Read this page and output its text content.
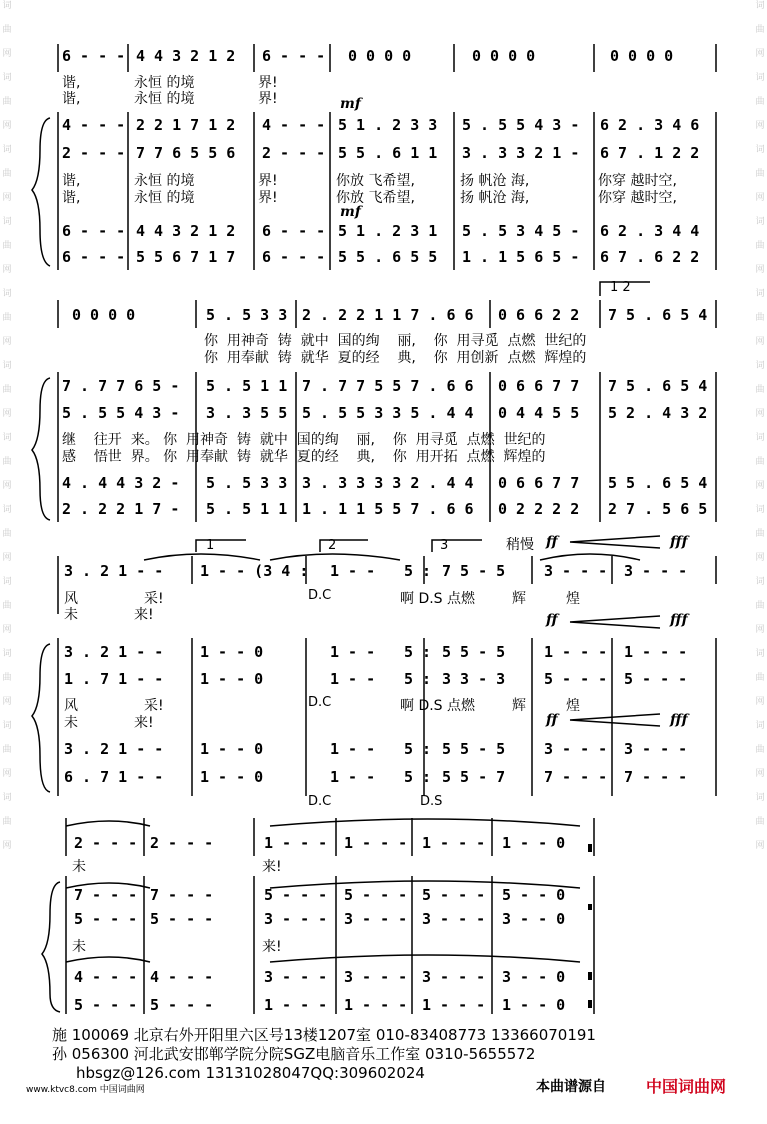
词
曲
网
词
曲
网
词
曲
网
词
曲
网
词
曲
网
词
曲
网
词
曲
网
词
曲
网
词
曲
网
词
曲
网
词
曲
网
词
曲
网
词
曲
网
词
曲
网
词
曲
网
词
曲
网
词
曲
网
词
曲
网
词
曲
网
词
曲
网
词
曲
网
词
曲
网
词
曲
网
词
曲
网
6 - - - 4 4 3 2 1 2 6 - - - 0 0 0 0	0 0 0 0	0 0 0 0
谐,	永恒 的境	界!
谐,	永恒 的境	界!	mf
4 - - - 2 2 1 7 1 2 4 - - - 5 1 . 2 3 3 5 . 5 5 4 3 - 6 2 . 3 4 6
2 - - - 7 7 6 5 5 6 2 - - - 5 5 . 6 1 1 3 . 3 3 2 1 - 6 7 . 1 2 2
谐,	永恒 的境	界!	你放 飞希望,	扬 帆沧 海,	你穿 越时空,
谐,	永恒 的境	界!	你放 飞希望,	扬 帆沧 海,	你穿 越时空,
mf
6 - - - 4 4 3 2 1 2 6 - - - 5 1 . 2 3 1 5 . 5 3 4 5 - 6 2 . 3 4 4
6 - - - 5 5 6 7 1 7 6 - - - 5 5 . 6 5 5 1 . 1 5 6 5 - 6 7 . 6 2 2
1 2
0 0 0 0	5 . 5 3 3 2 . 2 2 1 1 7 . 6 6 0 6 6 2 2 7 5 . 6 5 4
你  用神奇  铸  就中  国的绚    丽,    你  用寻觅  点燃  世纪的
你  用奉献  铸  就华  夏的经    典,    你  用创新  点燃  辉煌的
7 . 7 7 6 5 - 5 . 5 1 1 7 . 7 7 5 5 7 . 6 6 0 6 6 7 7 7 5 . 6 5 4
5 . 5 5 4 3 - 3 . 3 5 5 5 . 5 5 3 3 5 . 4 4 0 4 4 5 5 5 2 . 4 3 2
继    往开  来。 你  用神奇  铸  就中  国的绚    丽,    你  用寻觅  点燃  世纪的
感    悟世  界。 你  用奉献  铸  就华  夏的经    典,    你  用开拓  点燃  辉煌的
4 . 4 4 3 2 - 5 . 5 3 3 3 . 3 3 3 3 2 . 4 4 0 6 6 7 7 5 5 . 6 5 4
2 . 2 2 1 7 - 5 . 5 1 1 1 . 1 1 5 5 7 . 6 6 0 2 2 2 2 2 7 . 5 6 5
1	2	3	稍慢 ff	fff
3 . 2 1 - - 1 - - (3 4 : 1 - - 5 : 7 5 - 5	3 - - - 3 - - -
风	采!	D.C	啊 D.S 点燃	辉	煌
未	来!	ff	fff
3 . 2 1 - - 1 - - 0	1 - - 5 : 5 5 - 5	1 - - - 1 - - -
1 . 7 1 - - 1 - - 0	1 - - 5 : 3 3 - 3	5 - - - 5 - - -
风	采!	D.C	啊 D.S 点燃	辉	煌
未	来!	ff	fff
3 . 2 1 - - 1 - - 0	1 - - 5 : 5 5 - 5	3 - - - 3 - - -
6 . 7 1 - - 1 - - 0	1 - - 5 : 5 5 - 7	7 - - - 7 - - -
D.C	D.S
2 - - - 2 - - -	1 - - - 1 - - - 1 - - - 1 - - 0
未	来!
7 - - - 7 - - -	5 - - - 5 - - - 5 - - - 5 - - 0
5 - - - 5 - - -	3 - - - 3 - - - 3 - - - 3 - - 0
未	来!
4 - - - 4 - - -	3 - - - 3 - - - 3 - - - 3 - - 0
5 - - - 5 - - -	1 - - - 1 - - - 1 - - - 1 - - 0
施 100069 北京右外开阳里六区号13楼1207室 010-83408773 13366070191
孙 056300 河北武安邯郸学院分院SGZ电脑音乐工作室 0310-5655572
hbsgz@126.com 13131028047QQ:309602024
www.ktvc8.com 中国词曲网	本曲谱源自	中国词曲网
